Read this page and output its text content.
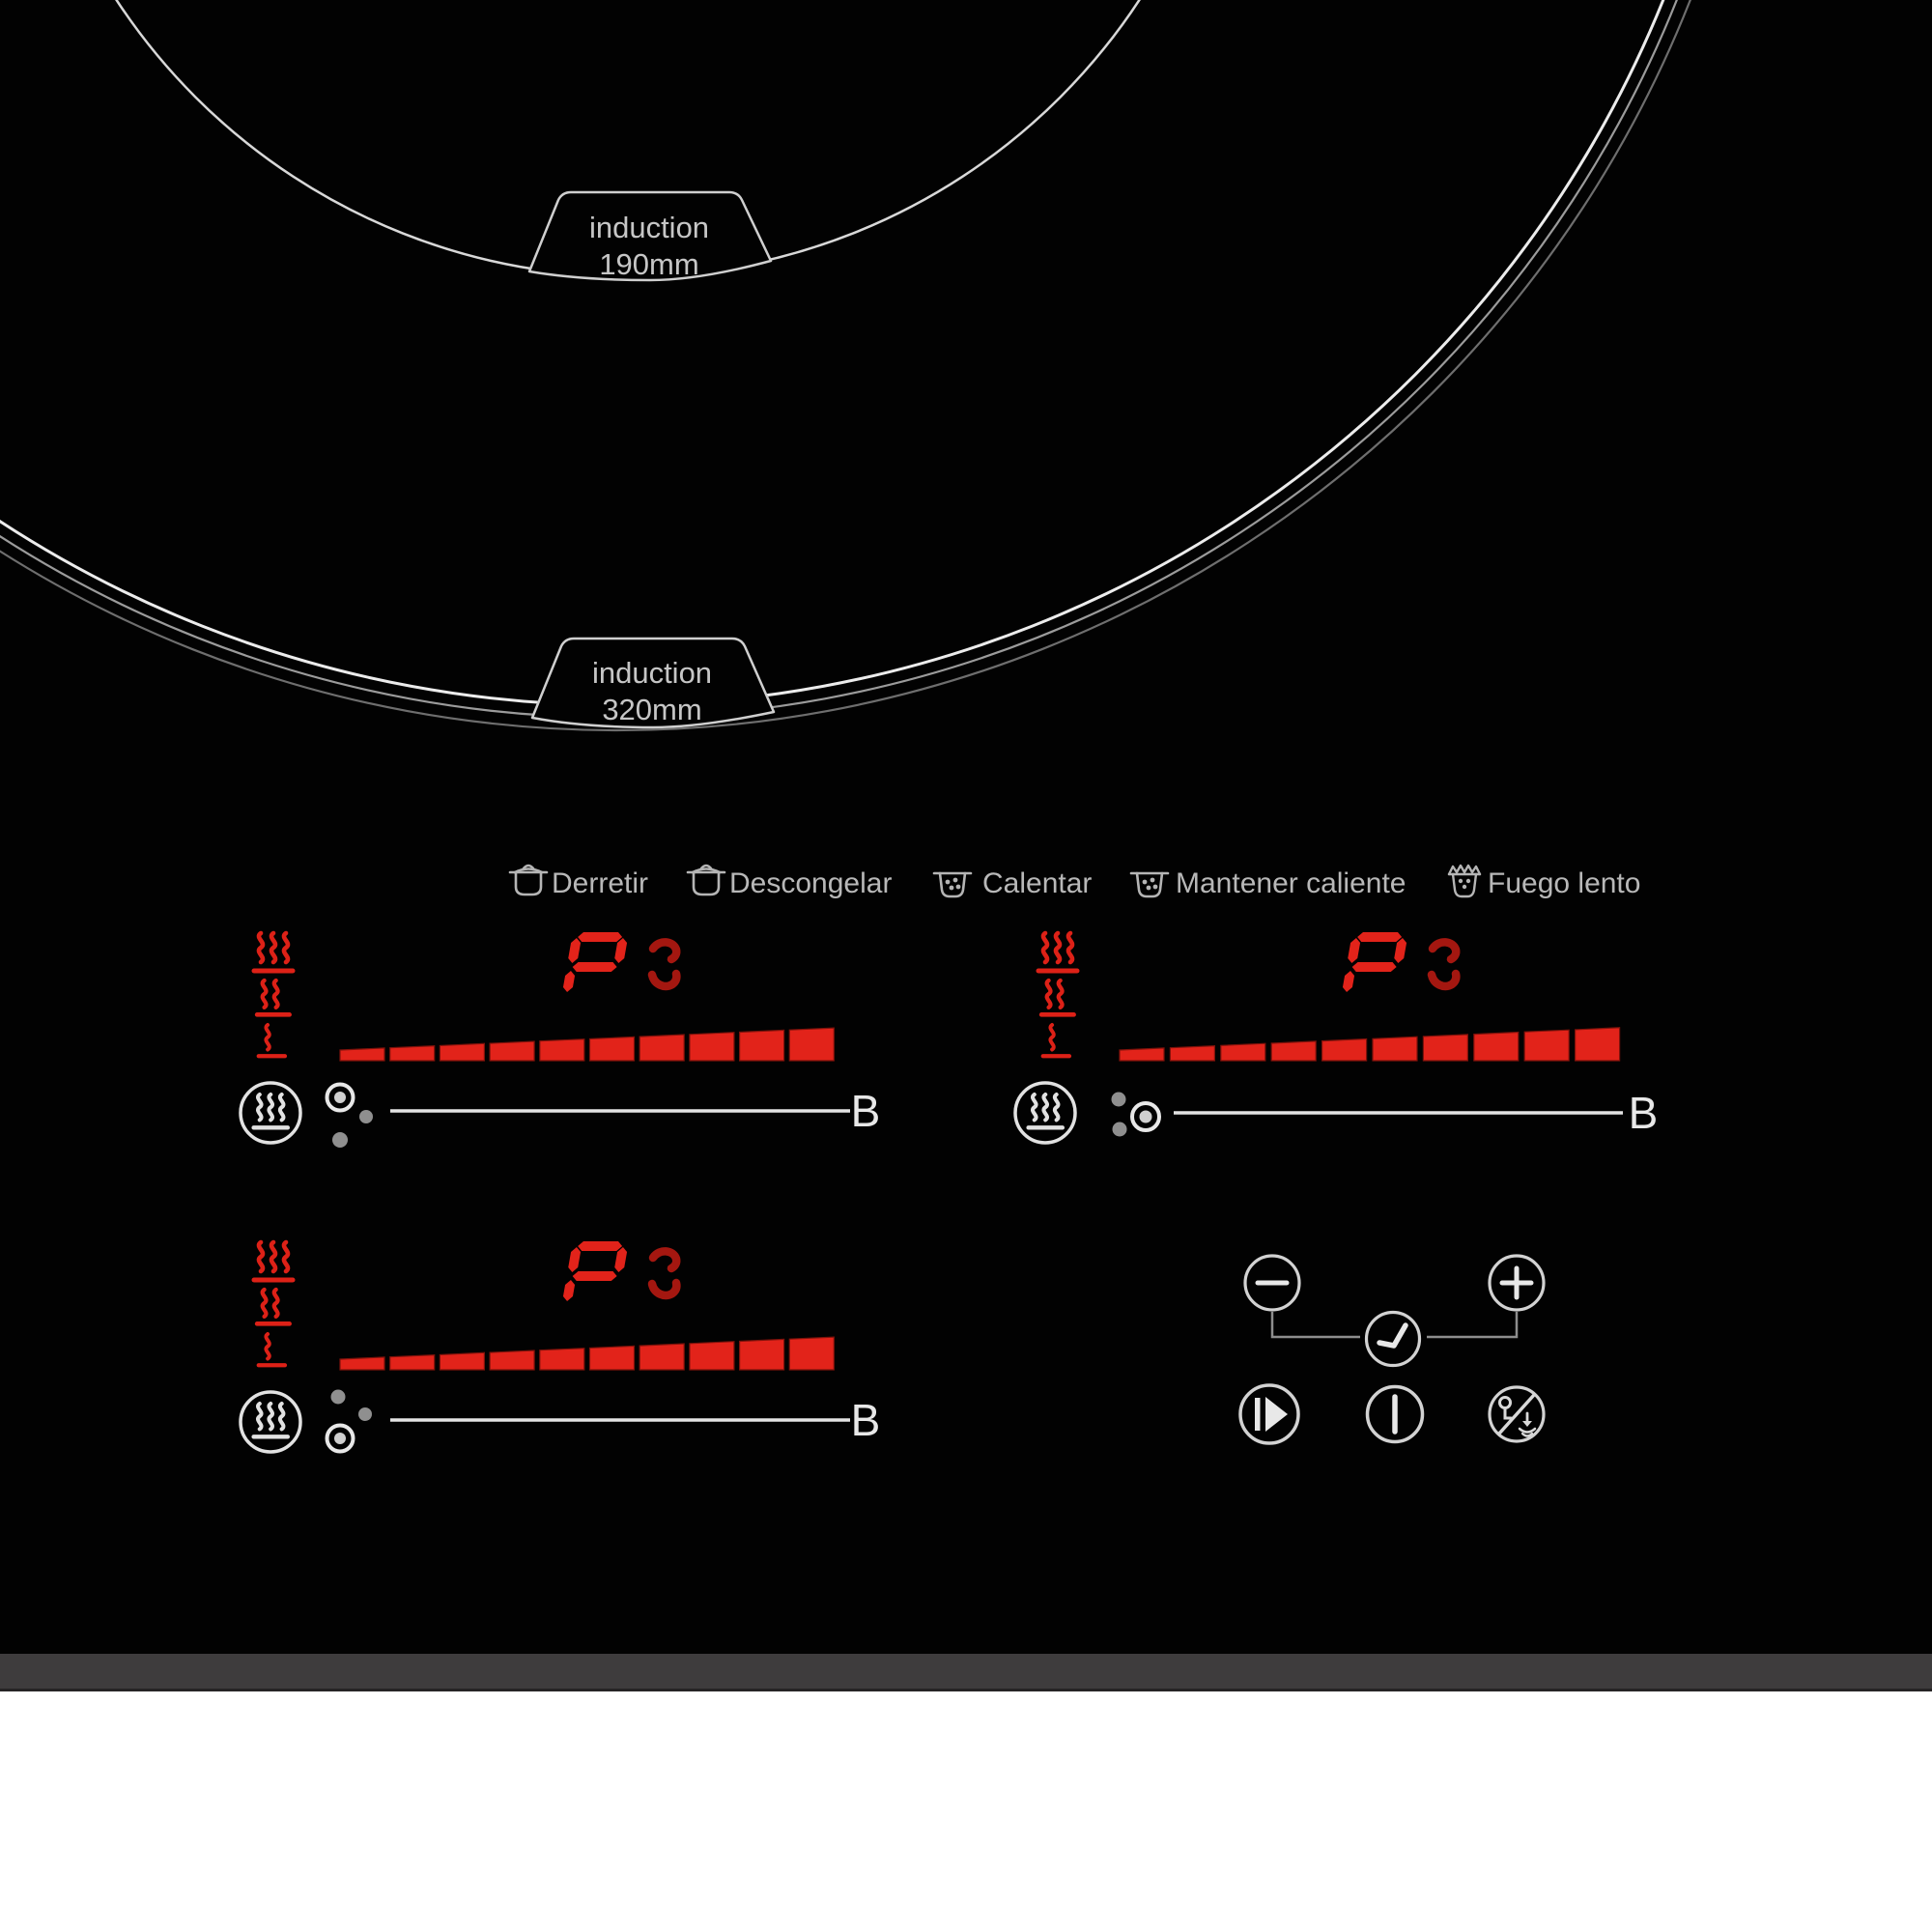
induction
190mm
induction
320mm
Derretir	Descongelar	Calentar	Mantener caliente	Fuego lento
B	B
B
